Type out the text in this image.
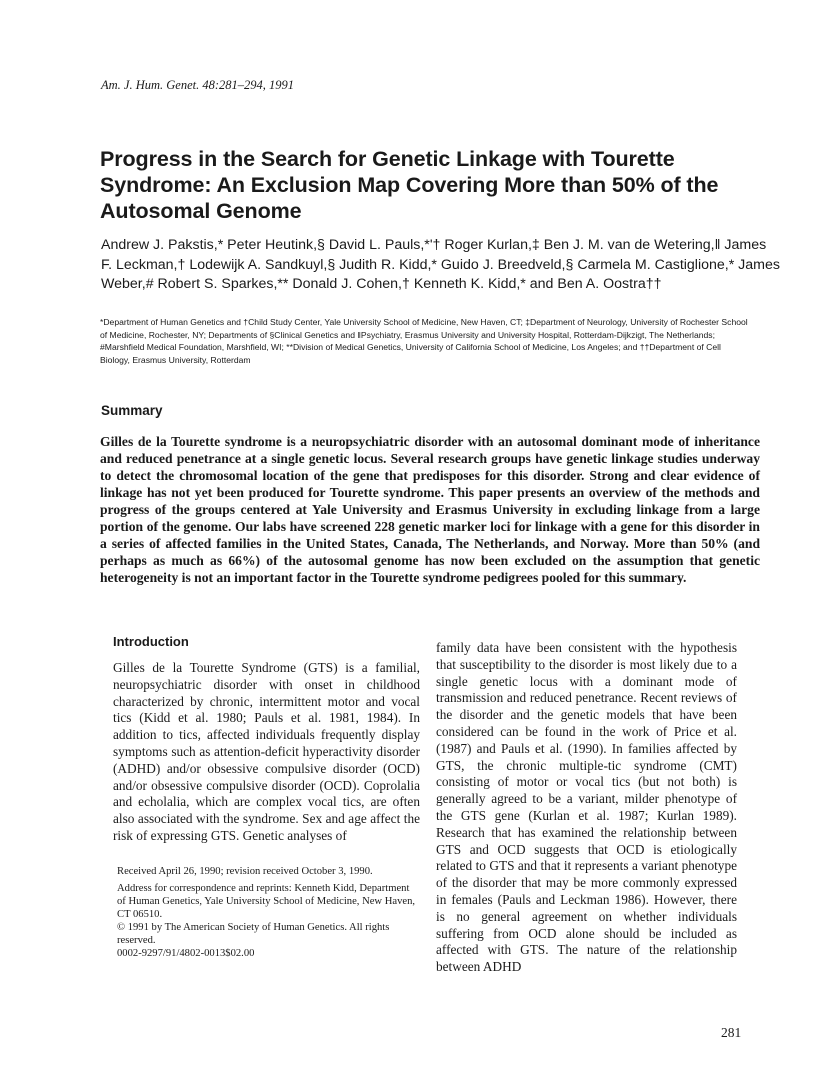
Am. J. Hum. Genet. 48:281–294, 1991
Progress in the Search for Genetic Linkage with Tourette Syndrome: An Exclusion Map Covering More than 50% of the Autosomal Genome
Andrew J. Pakstis,* Peter Heutink,§ David L. Pauls,*'† Roger Kurlan,‡ Ben J. M. van de Wetering,‖ James F. Leckman,† Lodewijk A. Sandkuyl,§ Judith R. Kidd,* Guido J. Breedveld,§ Carmela M. Castiglione,* James Weber,# Robert S. Sparkes,** Donald J. Cohen,† Kenneth K. Kidd,* and Ben A. Oostra††
*Department of Human Genetics and †Child Study Center, Yale University School of Medicine, New Haven, CT; ‡Department of Neurology, University of Rochester School of Medicine, Rochester, NY; Departments of §Clinical Genetics and ‖Psychiatry, Erasmus University and University Hospital, Rotterdam-Dijkzigt, The Netherlands; #Marshfield Medical Foundation, Marshfield, WI; **Division of Medical Genetics, University of California School of Medicine, Los Angeles; and ††Department of Cell Biology, Erasmus University, Rotterdam
Summary

Gilles de la Tourette syndrome is a neuropsychiatric disorder with an autosomal dominant mode of inheritance and reduced penetrance at a single genetic locus. Several research groups have genetic linkage studies underway to detect the chromosomal location of the gene that predisposes for this disorder. Strong and clear evidence of linkage has not yet been produced for Tourette syndrome. This paper presents an overview of the methods and progress of the groups centered at Yale University and Erasmus University in excluding linkage from a large portion of the genome. Our labs have screened 228 genetic marker loci for linkage with a gene for this disorder in a series of affected families in the United States, Canada, The Netherlands, and Norway. More than 50% (and perhaps as much as 66%) of the autosomal genome has now been excluded on the assumption that genetic heterogeneity is not an important factor in the Tourette syndrome pedigrees pooled for this summary.

Introduction

Gilles de la Tourette Syndrome (GTS) is a familial, neuropsychiatric disorder with onset in childhood characterized by chronic, intermittent motor and vocal tics (Kidd et al. 1980; Pauls et al. 1981, 1984). In addition to tics, affected individuals frequently display symptoms such as attention-deficit hyperactivity disorder (ADHD) and/or obsessive compulsive disorder (OCD) and/or obsessive compulsive disorder (OCD). Coprolalia and echolalia, which are complex vocal tics, are often also associated with the syndrome. Sex and age affect the risk of expressing GTS. Genetic analyses of

family data have been consistent with the hypothesis that susceptibility to the disorder is most likely due to a single genetic locus with a dominant mode of transmission and reduced penetrance. Recent reviews of the disorder and the genetic models that have been considered can be found in the work of Price et al. (1987) and Pauls et al. (1990). In families affected by GTS, the chronic multiple-tic syndrome (CMT) consisting of motor or vocal tics (but not both) is generally agreed to be a variant, milder phenotype of the GTS gene (Kurlan et al. 1987; Kurlan 1989). Research that has examined the relationship between GTS and OCD suggests that OCD is etiologically related to GTS and that it represents a variant phenotype of the disorder that may be more commonly expressed in females (Pauls and Leckman 1986). However, there is no general agreement on whether individuals suffering from OCD alone should be included as affected with GTS. The nature of the relationship between ADHD

Received April 26, 1990; revision received October 3, 1990.

Address for correspondence and reprints: Kenneth Kidd, Department of Human Genetics, Yale University School of Medicine, New Haven, CT 06510.

© 1991 by The American Society of Human Genetics. All rights reserved.

0002-9297/91/4802-0013$02.00

281
